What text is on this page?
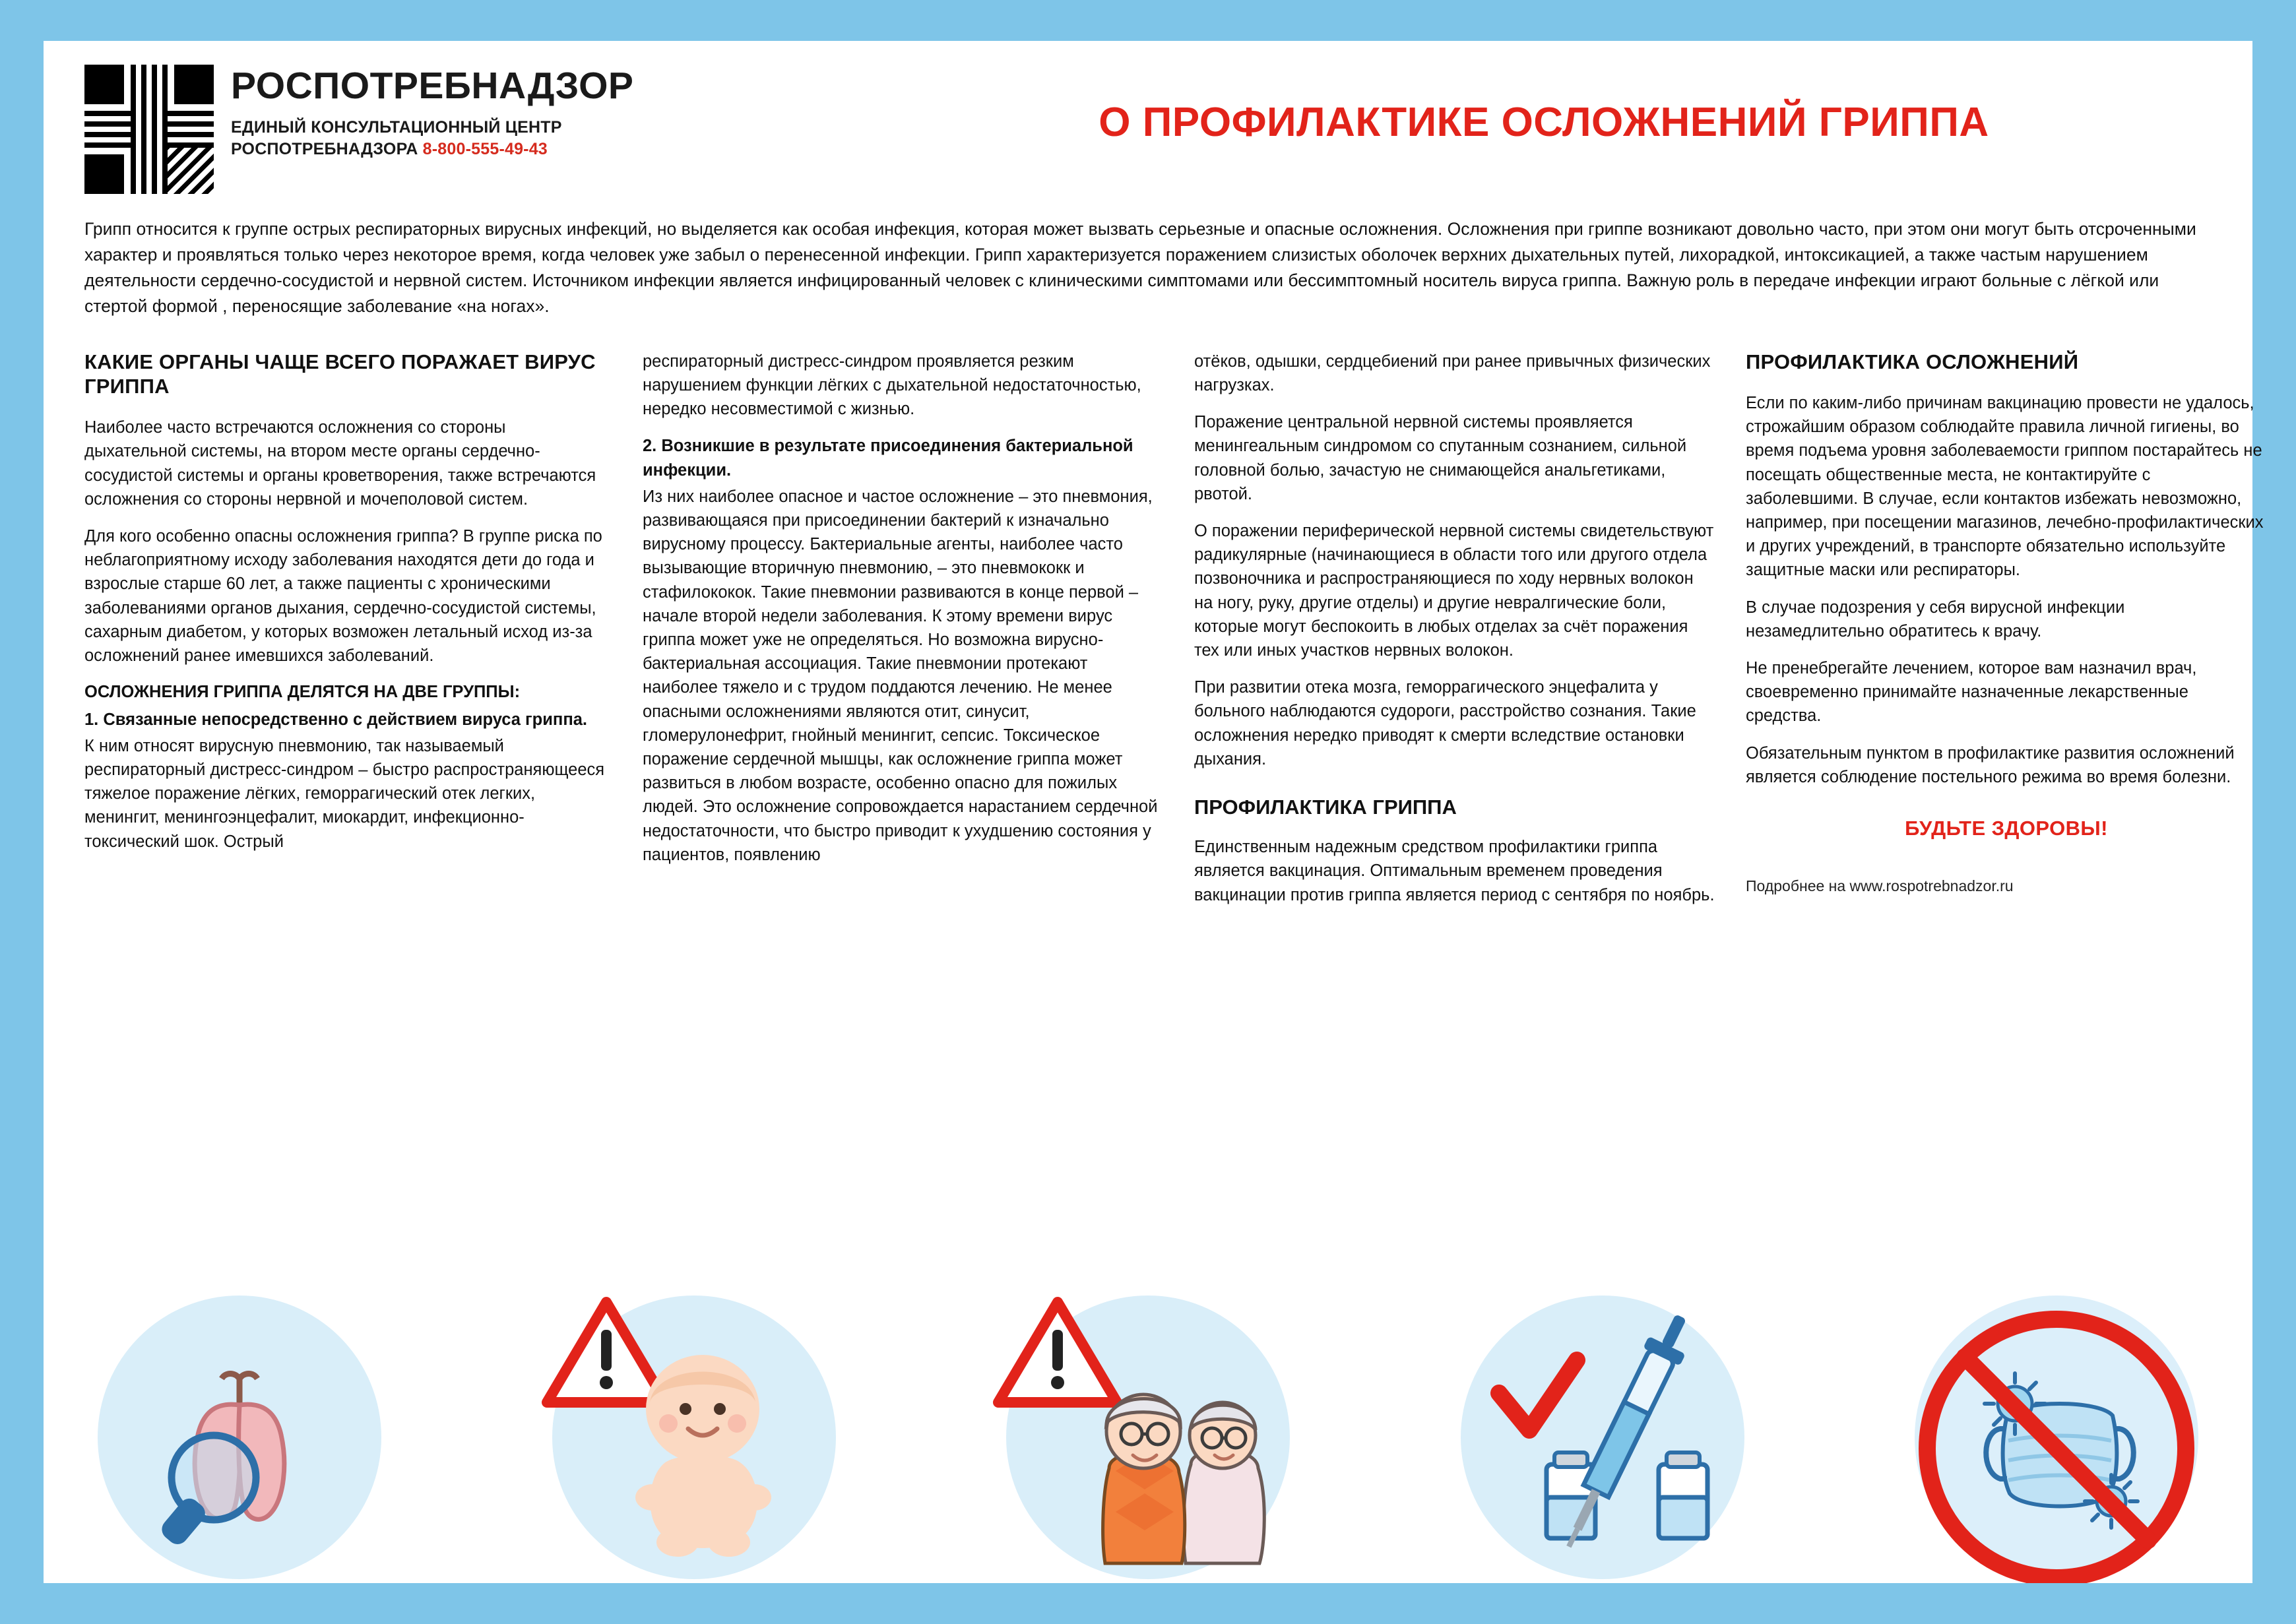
РОСПОТРЕБНАДЗОР
ЕДИНЫЙ КОНСУЛЬТАЦИОННЫЙ ЦЕНТР
РОСПОТРЕБНАДЗОРА 8-800-555-49-43
О ПРОФИЛАКТИКЕ ОСЛОЖНЕНИЙ ГРИППА
Грипп относится к группе острых респираторных вирусных инфекций, но выделяется как особая инфекция, которая может вызвать серьезные и опасные осложнения. Осложнения при гриппе возникают довольно часто, при этом они могут быть отсроченными характер и проявляться только через некоторое время, когда человек уже забыл о перенесенной инфекции. Грипп характеризуется поражением слизистых оболочек верхних дыхательных путей, лихорадкой, интоксикацией, а также частым нарушением деятельности сердечно-сосудистой и нервной систем. Источником инфекции является инфицированный человек с клиническими симптомами или бессимптомный носитель вируса гриппа. Важную роль в передаче инфекции играют больные с лёгкой или стертой формой , переносящие заболевание «на ногах».
КАКИЕ ОРГАНЫ ЧАЩЕ ВСЕГО ПОРАЖАЕТ ВИРУС ГРИППА

Наиболее часто встречаются осложнения со стороны дыхательной системы, на втором месте органы сердечно-сосудистой системы и органы кроветворения, также встречаются осложнения со стороны нервной и мочеполовой систем.

Для кого особенно опасны осложнения гриппа? В группе риска по неблагоприятному исходу заболевания находятся дети до года и взрослые старше 60 лет, а также пациенты с хроническими заболеваниями органов дыхания, сердечно-сосудистой системы, сахарным диабетом, у которых возможен летальный исход из-за осложнений ранее имевшихся заболеваний.

ОСЛОЖНЕНИЯ ГРИППА ДЕЛЯТСЯ НА ДВЕ ГРУППЫ:

1. Связанные непосредственно с действием вируса гриппа.

К ним относят вирусную пневмонию, так называемый респираторный дистресс-синдром – быстро распространяющееся тяжелое поражение лёгких, геморрагический отек легких, менингит, менингоэнцефалит, миокардит, инфекционно-токсический шок. Острый

респираторный дистресс-синдром проявляется резким нарушением функции лёгких с дыхательной недостаточностью, нередко несовместимой с жизнью.

2. Возникшие в результате присоединения бактериальной инфекции.

Из них наиболее опасное и частое осложнение – это пневмония, развивающаяся при присоединении бактерий к изначально вирусному процессу. Бактериальные агенты, наиболее часто вызывающие вторичную пневмонию, – это пневмококк и стафилококок. Такие пневмонии развиваются в конце первой – начале второй недели заболевания. К этому времени вирус гриппа может уже не определяться. Но возможна вирусно-бактериальная ассоциация. Такие пневмонии протекают наиболее тяжело и с трудом поддаются лечению. Не менее опасными осложнениями являются отит, синусит, гломерулонефрит, гнойный менингит, сепсис. Токсическое поражение сердечной мышцы, как осложнение гриппа может развиться в любом возрасте, особенно опасно для пожилых людей. Это осложнение сопровождается нарастанием сердечной недостаточности, что быстро приводит к ухудшению состояния у пациентов, появлению

отёков, одышки, сердцебиений при ранее привычных физических нагрузках.

Поражение центральной нервной системы проявляется менингеальным синдромом со спутанным сознанием, сильной головной болью, зачастую не снимающейся анальгетиками, рвотой.

О поражении периферической нервной системы свидетельствуют радикулярные (начинающиеся в области того или другого отдела позвоночника и распространяющиеся по ходу нервных волокон на ногу, руку, другие отделы) и другие невралгические боли, которые могут беспокоить в любых отделах за счёт поражения тех или иных участков нервных волокон.

При развитии отека мозга, геморрагического энцефалита у больного наблюдаются судороги, расстройство сознания. Такие осложнения нередко приводят к смерти вследствие остановки дыхания.

ПРОФИЛАКТИКА ГРИППА

Единственным надежным средством профилактики гриппа является вакцинация. Оптимальным временем проведения вакцинации против гриппа является период с сентября по ноябрь.

ПРОФИЛАКТИКА ОСЛОЖНЕНИЙ

Если по каким-либо причинам вакцинацию провести не удалось, строжайшим образом соблюдайте правила личной гигиены, во время подъема уровня заболеваемости гриппом постарайтесь не посещать общественные места, не контактируйте с заболевшими. В случае, если контактов избежать невозможно, например, при посещении магазинов, лечебно-профилактических и других учреждений, в транспорте обязательно используйте защитные маски или респираторы.

В случае подозрения у себя вирусной инфекции незамедлительно обратитесь к врачу.

Не пренебрегайте лечением, которое вам назначил врач, своевременно принимайте назначенные лекарственные средства.

Обязательным пунктом в профилактике развития осложнений является соблюдение постельного режима во время болезни.

БУДЬТЕ ЗДОРОВЫ!
Подробнее на www.rospotrebnadzor.ru
